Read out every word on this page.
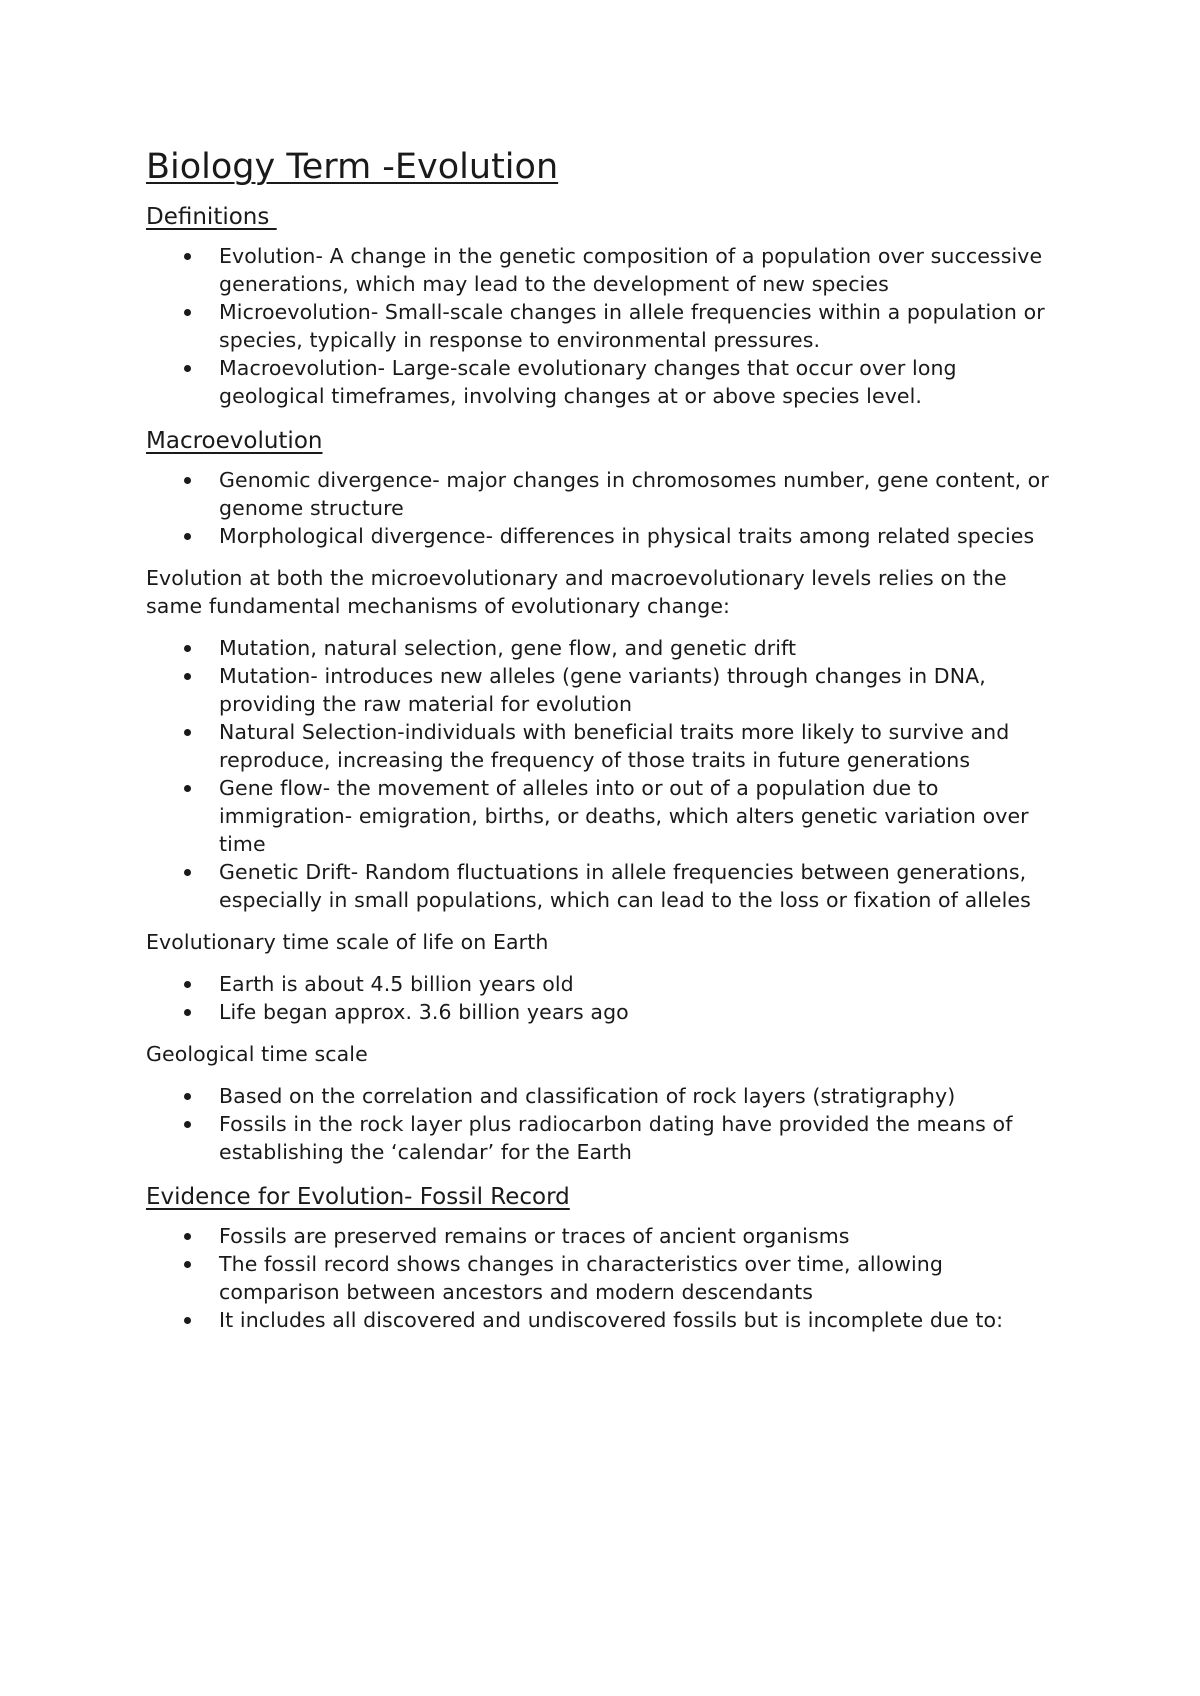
Biology Term -Evolution
Definitions
Evolution- A change in the genetic composition of a population over successive generations, which may lead to the development of new species
Microevolution- Small-scale changes in allele frequencies within a population or species, typically in response to environmental pressures.
Macroevolution- Large-scale evolutionary changes that occur over long geological timeframes, involving changes at or above species level.
Macroevolution
Genomic divergence- major changes in chromosomes number, gene content, or genome structure
Morphological divergence- differences in physical traits among related species

Evolution at both the microevolutionary and macroevolutionary levels relies on the same fundamental mechanisms of evolutionary change:

Mutation, natural selection, gene flow, and genetic drift
Mutation- introduces new alleles (gene variants) through changes in DNA, providing the raw material for evolution
Natural Selection-individuals with beneficial traits more likely to survive and reproduce, increasing the frequency of those traits in future generations
Gene flow- the movement of alleles into or out of a population due to immigration- emigration, births, or deaths, which alters genetic variation over time
Genetic Drift- Random fluctuations in allele frequencies between generations, especially in small populations, which can lead to the loss or fixation of alleles

Evolutionary time scale of life on Earth

Earth is about 4.5 billion years old
Life began approx. 3.6 billion years ago

Geological time scale

Based on the correlation and classification of rock layers (stratigraphy)
Fossils in the rock layer plus radiocarbon dating have provided the means of establishing the ‘calendar’ for the Earth
Evidence for Evolution- Fossil Record
Fossils are preserved remains or traces of ancient organisms
The fossil record shows changes in characteristics over time, allowing comparison between ancestors and modern descendants
It includes all discovered and undiscovered fossils but is incomplete due to:
